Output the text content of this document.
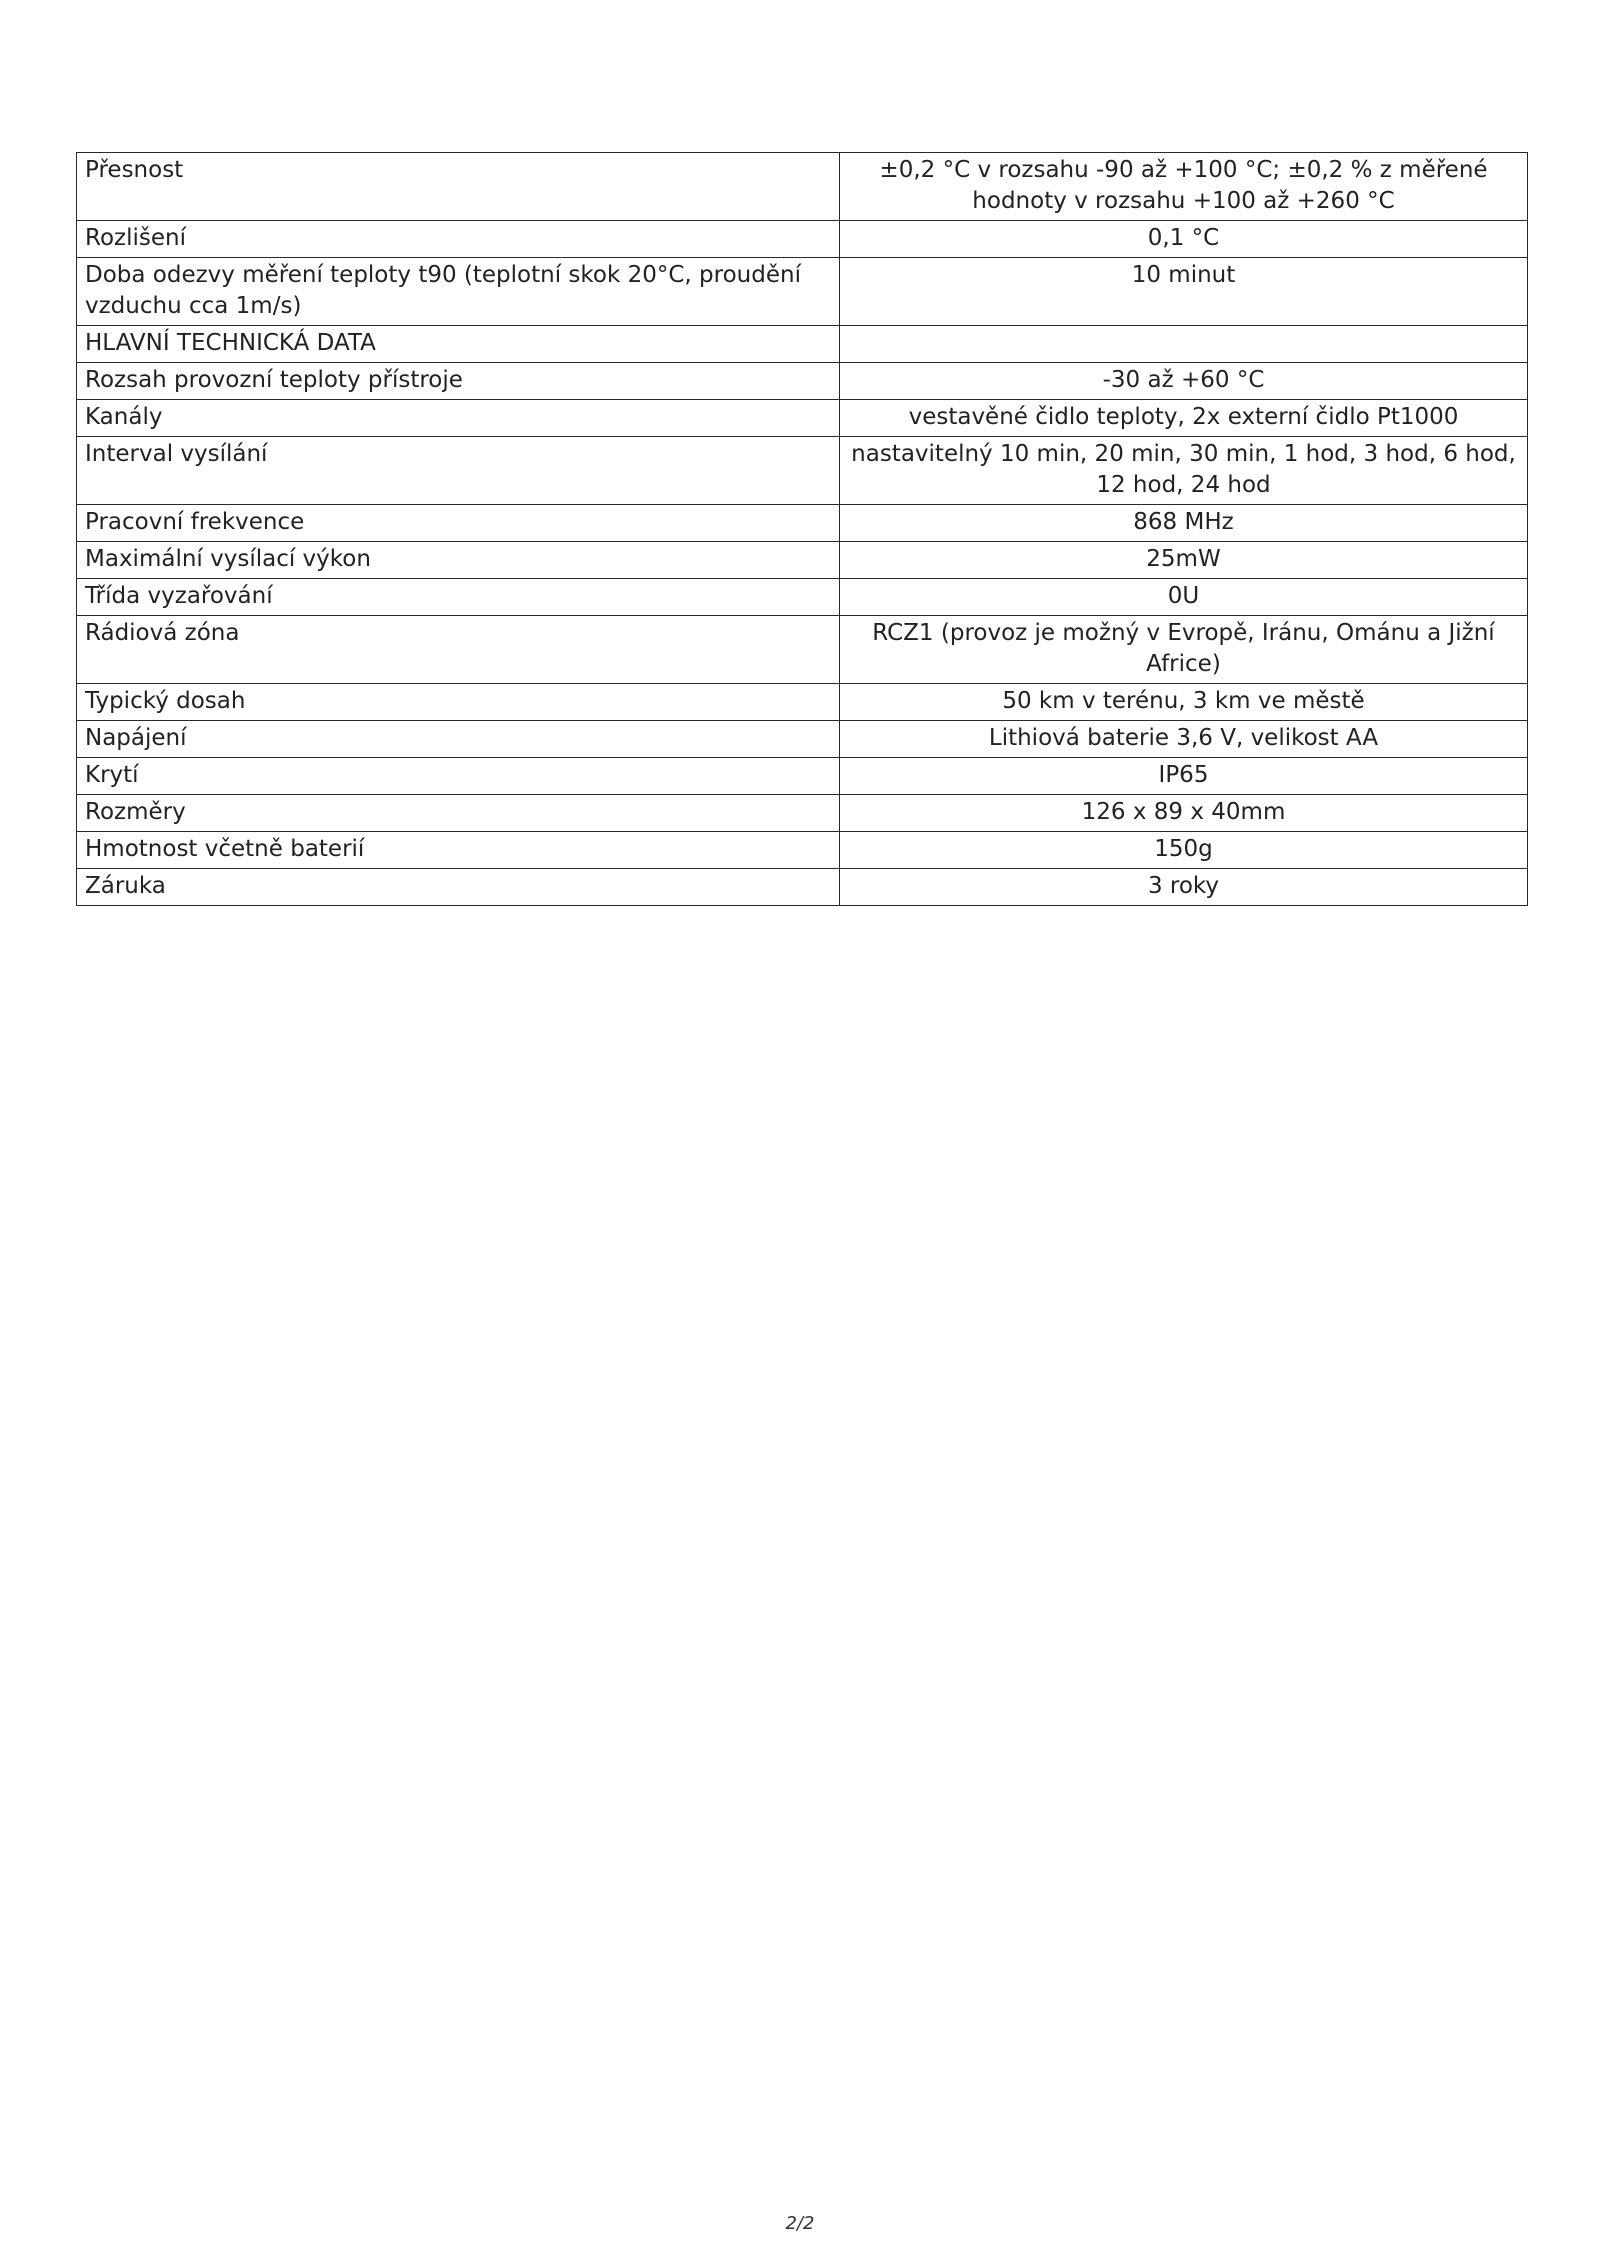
Přesnost	±0,2 °C v rozsahu -90 až +100 °C; ±0,2 % z měřené hodnoty v rozsahu +100 až +260 °C
Rozlišení	0,1 °C
Doba odezvy měření teploty t90 (teplotní skok 20°C, proudění vzduchu cca 1m/s)	10 minut
HLAVNÍ TECHNICKÁ DATA	
Rozsah provozní teploty přístroje	-30 až +60 °C
Kanály	vestavěné čidlo teploty, 2x externí čidlo Pt1000
Interval vysílání	nastavitelný 10 min, 20 min, 30 min, 1 hod, 3 hod, 6 hod, 12 hod, 24 hod
Pracovní frekvence	868 MHz
Maximální vysílací výkon	25mW
Třída vyzařování	0U
Rádiová zóna	RCZ1 (provoz je možný v Evropě, Iránu, Ománu a Jižní Africe)
Typický dosah	50 km v terénu, 3 km ve městě
Napájení	Lithiová baterie 3,6 V, velikost AA
Krytí	IP65
Rozměry	126 x 89 x 40mm
Hmotnost včetně baterií	150g
Záruka	3 roky
2/2
